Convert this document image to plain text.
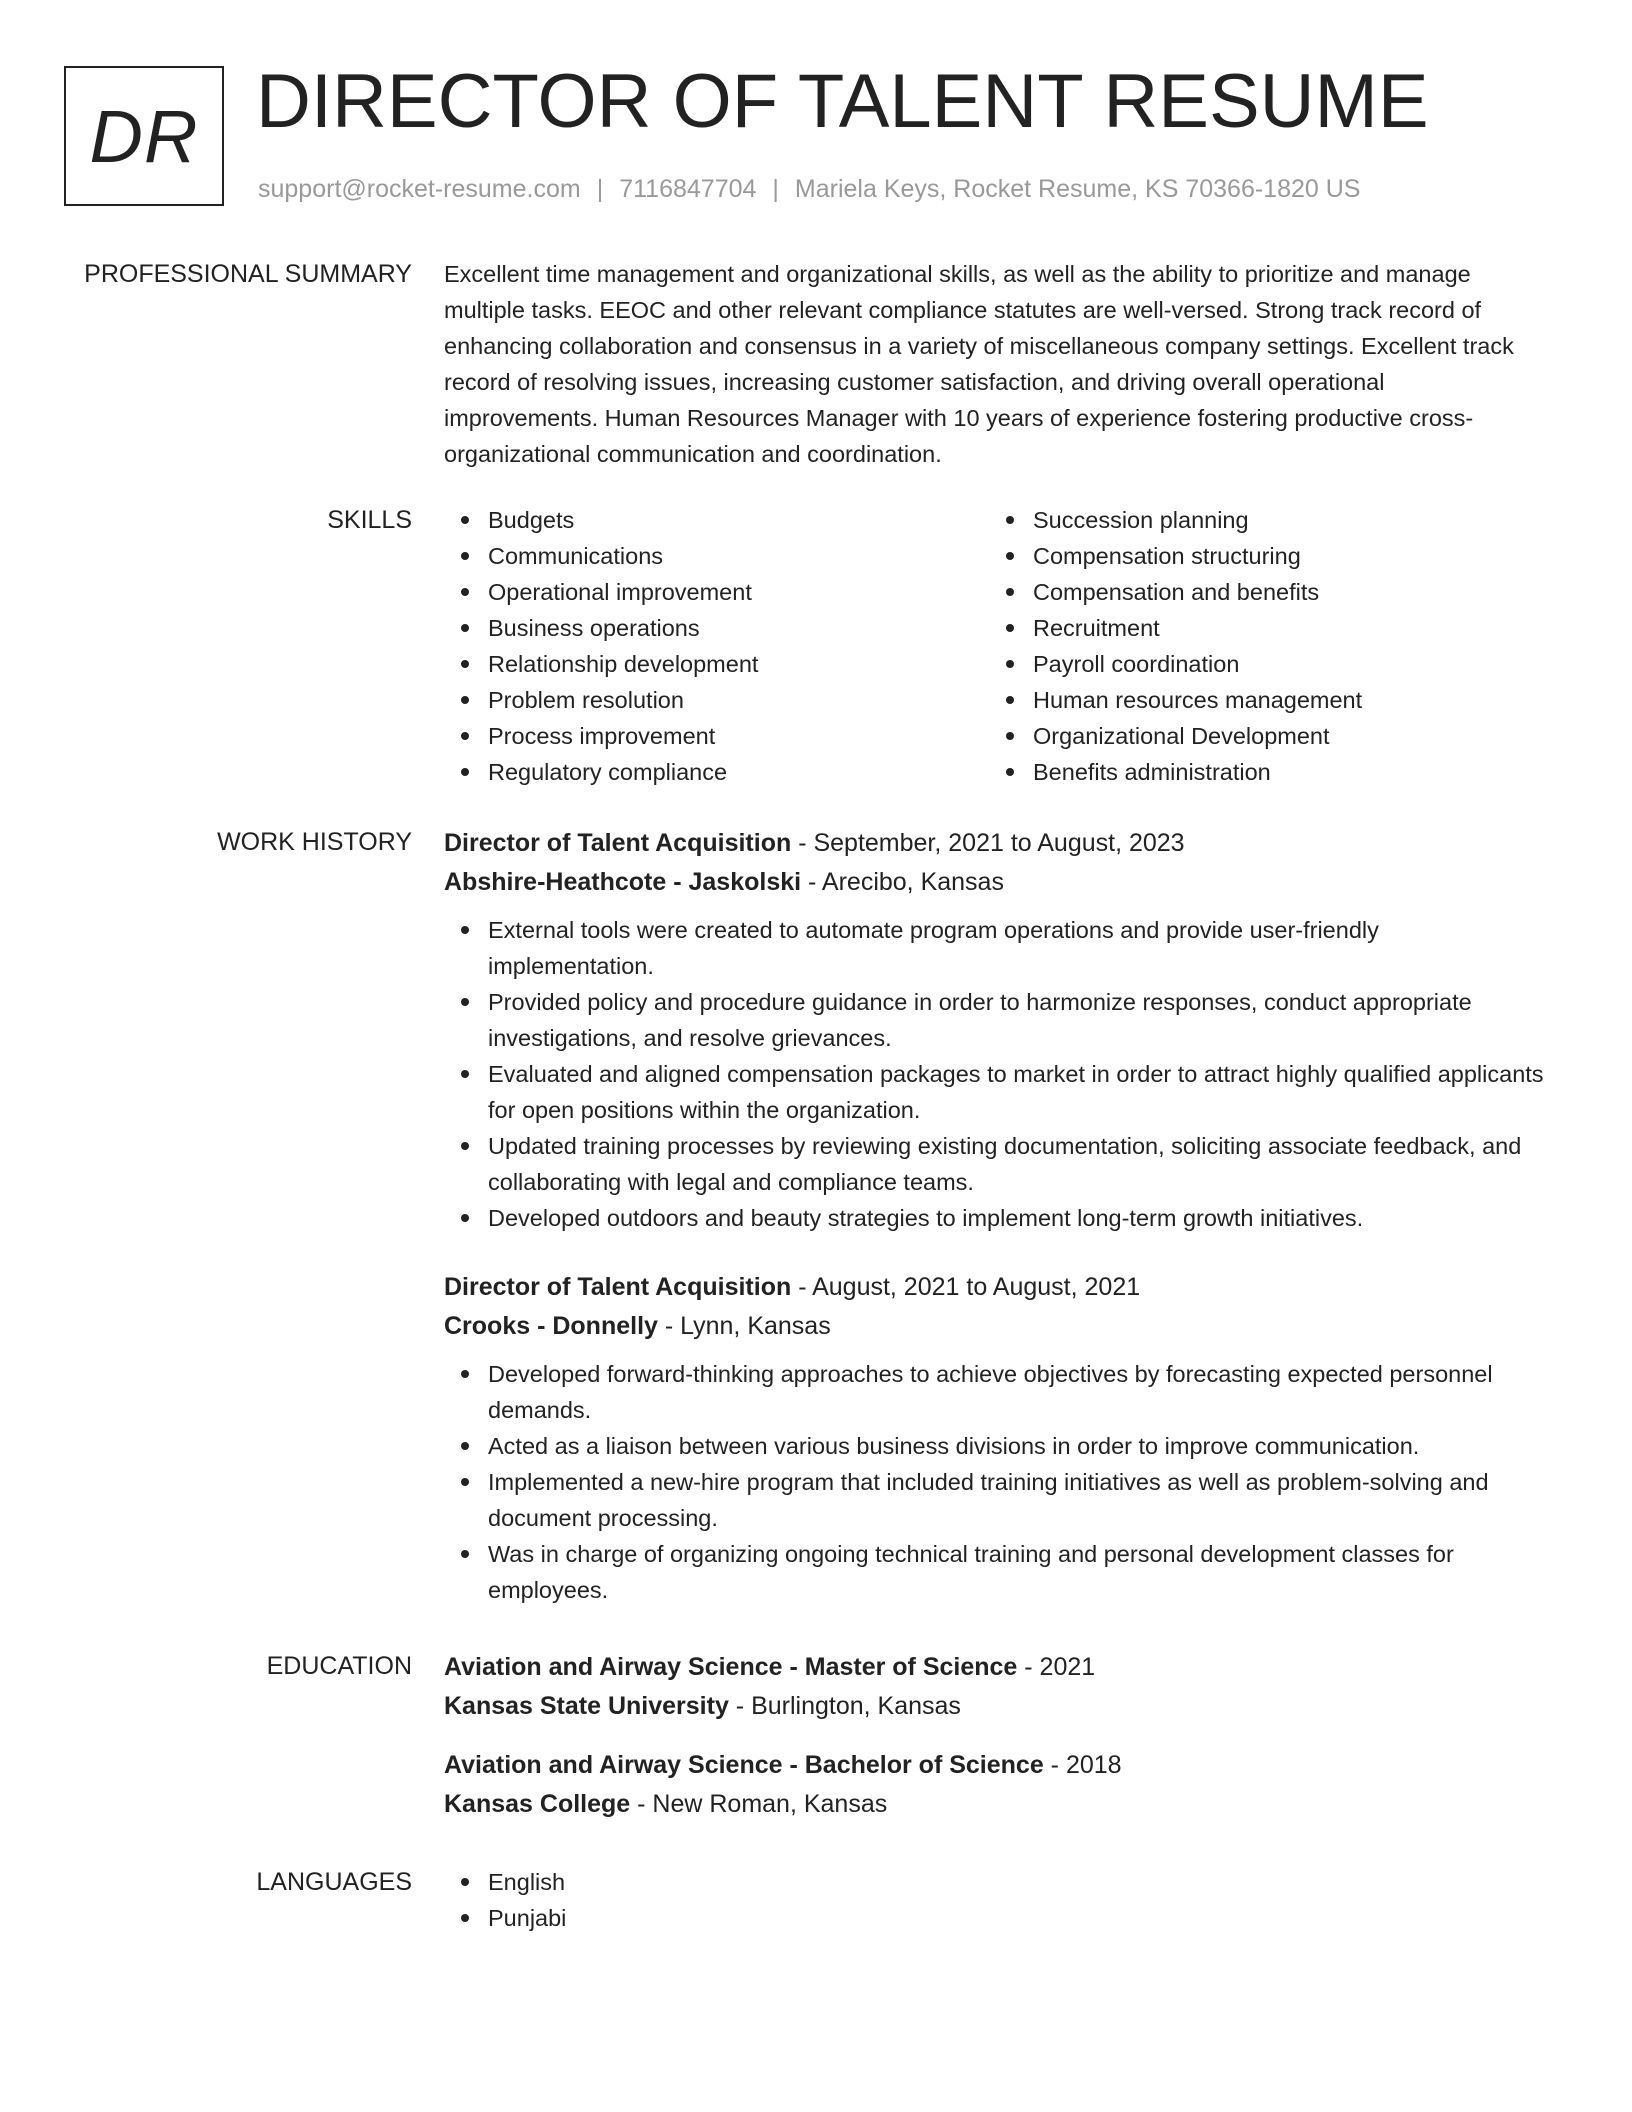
DR DIRECTOR OF TALENT RESUME
support@rocket-resume.com | 7116847704 | Mariela Keys, Rocket Resume, KS 70366-1820 US
PROFESSIONAL SUMMARY Excellent time management and organizational skills, as well as the ability to prioritize and manage multiple tasks. EEOC and other relevant compliance statutes are well-versed. Strong track record of enhancing collaboration and consensus in a variety of miscellaneous company settings. Excellent track record of resolving issues, increasing customer satisfaction, and driving overall operational improvements. Human Resources Manager with 10 years of experience fostering productive cross-organizational communication and coordination.

SKILLS	Budgets
Communications
Operational improvement
Business operations
Relationship development
Problem resolution
Process improvement
Regulatory compliance
Succession planning
Compensation structuring
Compensation and benefits
Recruitment
Payroll coordination
Human resources management
Organizational Development
Benefits administration
WORK HISTORY Director of Talent Acquisition - September, 2021 to August, 2023
Abshire-Heathcote - Jaskolski - Arecibo, Kansas
External tools were created to automate program operations and provide user-friendly implementation.
Provided policy and procedure guidance in order to harmonize responses, conduct appropriate investigations, and resolve grievances.
Evaluated and aligned compensation packages to market in order to attract highly qualified applicants for open positions within the organization.
Updated training processes by reviewing existing documentation, soliciting associate feedback, and collaborating with legal and compliance teams.
Developed outdoors and beauty strategies to implement long-term growth initiatives.
Director of Talent Acquisition - August, 2021 to August, 2021
Crooks - Donnelly - Lynn, Kansas
Developed forward-thinking approaches to achieve objectives by forecasting expected personnel demands.
Acted as a liaison between various business divisions in order to improve communication.
Implemented a new-hire program that included training initiatives as well as problem-solving and document processing.
Was in charge of organizing ongoing technical training and personal development classes for employees.
EDUCATION Aviation and Airway Science - Master of Science - 2021
Kansas State University - Burlington, Kansas
Aviation and Airway Science - Bachelor of Science - 2018
Kansas College - New Roman, Kansas
LANGUAGES	English
Punjabi
